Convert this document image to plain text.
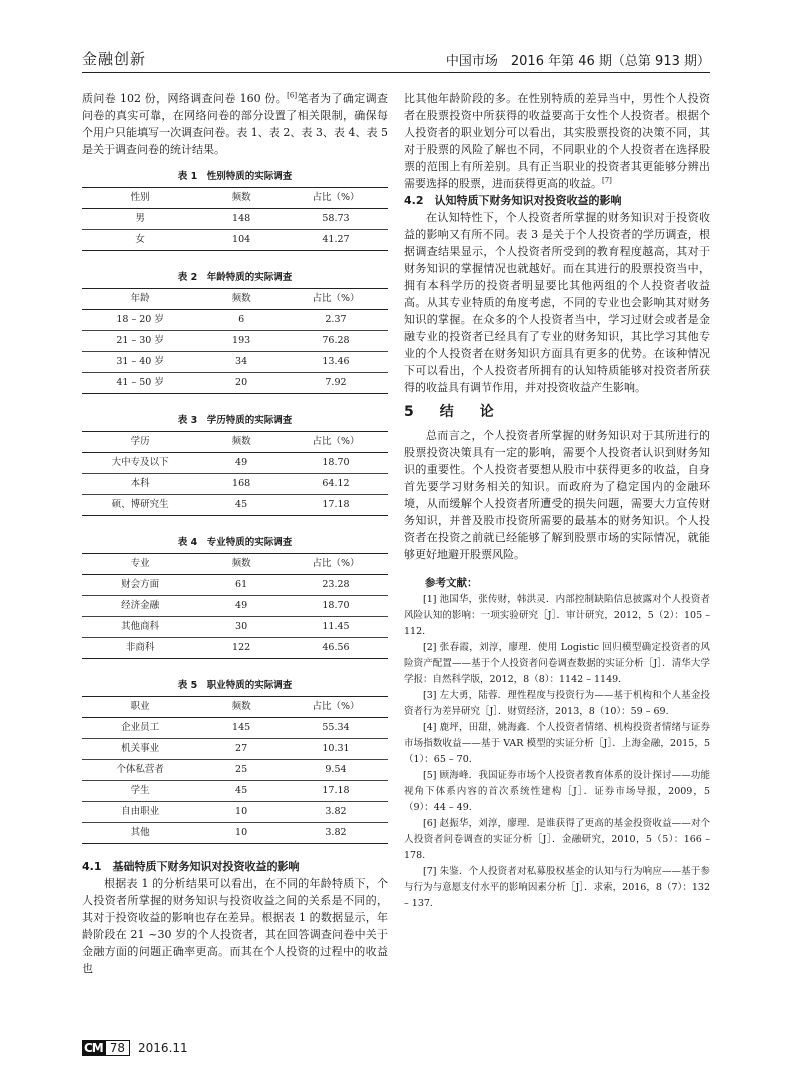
金融创新	中国市场　2016 年第 46 期（总第 913 期）

质问卷 102 份，网络调查问卷 160 份。[6]笔者为了确定调查问卷的真实可靠，在网络问卷的部分设置了相关限制，确保每个用户只能填写一次调查问卷。表 1、表 2、表 3、表 4、表 5 是关于调查问卷的统计结果。

表 1　性别特质的实际调查
性别	频数	占比（%）
男	148	58.73
女	104	41.27
表 2　年龄特质的实际调查
年龄	频数	占比（%）
18 – 20 岁	6	2.37
21 – 30 岁	193	76.28
31 – 40 岁	34	13.46
41 – 50 岁	20	7.92
表 3　学历特质的实际调查
学历	频数	占比（%）
大中专及以下	49	18.70
本科	168	64.12
硕、博研究生	45	17.18
表 4　专业特质的实际调查
专业	频数	占比（%）
财会方面	61	23.28
经济金融	49	18.70
其他商科	30	11.45
非商科	122	46.56
表 5　职业特质的实际调查
职业	频数	占比（%）
企业员工	145	55.34
机关事业	27	10.31
个体私营者	25	9.54
学生	45	17.18
自由职业	10	3.82
其他	10	3.82
4.1　基础特质下财务知识对投资收益的影响

根据表 1 的分析结果可以看出，在不同的年龄特质下，个人投资者所掌握的财务知识与投资收益之间的关系是不同的，其对于投资收益的影响也存在差异。根据表 1 的数据显示，年龄阶段在 21 ~30 岁的个人投资者，其在回答调查问卷中关于金融方面的问题正确率更高。而其在个人投资的过程中的收益也

比其他年龄阶段的多。在性别特质的差异当中，男性个人投资者在股票投资中所获得的收益要高于女性个人投资者。根据个人投资者的职业划分可以看出，其实股票投资的决策不同，其对于股票的风险了解也不同，不同职业的个人投资者在选择股票的范围上有所差别。具有正当职业的投资者其更能够分辨出需要选择的股票，进而获得更高的收益。[7]

4.2　认知特质下财务知识对投资收益的影响

在认知特性下，个人投资者所掌握的财务知识对于投资收益的影响又有所不同。表 3 是关于个人投资者的学历调查，根据调查结果显示，个人投资者所受到的教育程度越高，其对于财务知识的掌握情况也就越好。而在其进行的股票投资当中，拥有本科学历的投资者明显要比其他两组的个人投资者收益高。从其专业特质的角度考虑，不同的专业也会影响其对财务知识的掌握。在众多的个人投资者当中，学习过财会或者是金融专业的投资者已经具有了专业的财务知识，其比学习其他专业的个人投资者在财务知识方面具有更多的优势。在该种情况下可以看出，个人投资者所拥有的认知特质能够对投资者所获得的收益具有调节作用，并对投资收益产生影响。

5　结　论

总而言之，个人投资者所掌握的财务知识对于其所进行的股票投资决策具有一定的影响，需要个人投资者认识到财务知识的重要性。个人投资者要想从股市中获得更多的收益，自身首先要学习财务相关的知识。而政府为了稳定国内的金融环境，从而缓解个人投资者所遭受的损失问题，需要大力宣传财务知识，并普及股市投资所需要的最基本的财务知识。个人投资者在投资之前就已经能够了解到股票市场的实际情况，就能够更好地避开股票风险。

参考文献：

[1] 池国华，张传财，韩洪灵．内部控制缺陷信息披露对个人投资者风险认知的影响：一项实验研究［J］．审计研究，2012，5（2）：105 – 112.

[2] 张春霞，刘淳，廖理．使用 Logistic 回归模型确定投资者的风险资产配置——基于个人投资者问卷调查数据的实证分析［J］．清华大学学报：自然科学版，2012，8（8）：1142 – 1149.

[3] 左大勇，陆蓉．理性程度与投资行为——基于机构和个人基金投资者行为差异研究［J］．财贸经济，2013，8（10）：59 – 69.

[4] 鹿坪，田甜，姚海鑫．个人投资者情绪、机构投资者情绪与证券市场指数收益——基于 VAR 模型的实证分析［J］．上海金融，2015，5（1）：65 – 70.

[5] 顾海峰．我国证券市场个人投资者教育体系的设计探讨——功能视角下体系内容的首次系统性建构［J］．证券市场导报，2009，5（9）：44 – 49.

[6] 赵振华，刘淳，廖理．是谁获得了更高的基金投资收益——对个人投资者问卷调查的实证分析［J］．金融研究，2010，5（5）：166 – 178.

[7] 朱鉴．个人投资者对私募股权基金的认知与行为响应——基于参与行为与意愿支付水平的影响因素分析［J］．求索，2016，8（7）：132 – 137.

CM 78	2016.11
